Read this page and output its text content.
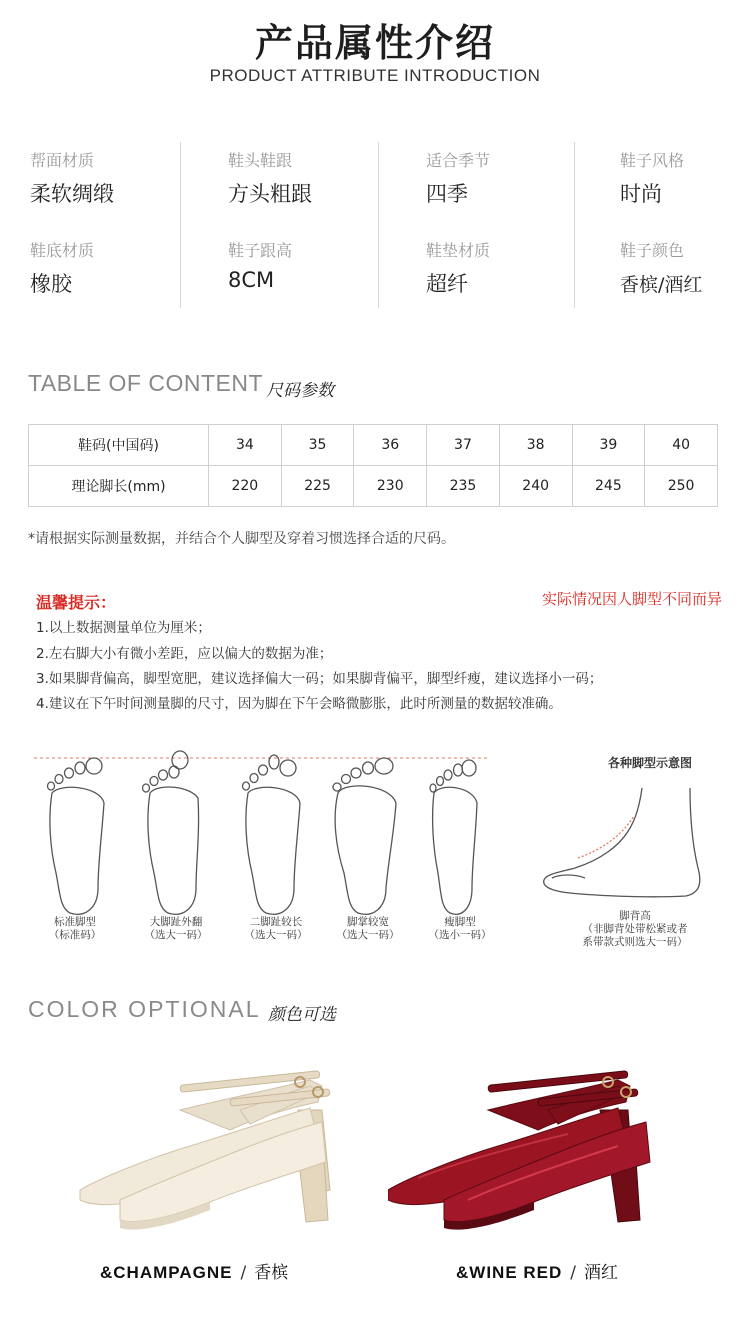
产品属性介绍
PRODUCT ATTRIBUTE INTRODUCTION
帮面材质
柔软绸缎
鞋底材质
橡胶
鞋头鞋跟
方头粗跟
鞋子跟高
8CM
适合季节
四季
鞋垫材质
超纤
鞋子风格
时尚
鞋子颜色
香槟/酒红
TABLE OF CONTENT 尺码参数
鞋码(中国码)	34	35	36	37	38	39	40
理论脚长(mm)	220	225	230	235	240	245	250
*请根据实际测量数据，并结合个人脚型及穿着习惯选择合适的尺码。
温馨提示：	实际情况因人脚型不同而异
1.以上数据测量单位为厘米；
2.左右脚大小有微小差距，应以偏大的数据为准；
3.如果脚背偏高，脚型宽肥，建议选择偏大一码；如果脚背偏平，脚型纤瘦，建议选择小一码；
4.建议在下午时间测量脚的尺寸，因为脚在下午会略微膨胀，此时所测量的数据较准确。
标准脚型
（标准码）
大脚趾外翻
（选大一码）
二脚趾较长
（选大一码）
脚掌较宽
（选大一码）
瘦脚型
（选小一码）
各种脚型示意图
脚背高
（非脚背处带松紧或者
系带款式则选大一码）
COLOR OPTIONAL 颜色可选
&CHAMPAGNE / 香槟	&WINE RED / 酒红
